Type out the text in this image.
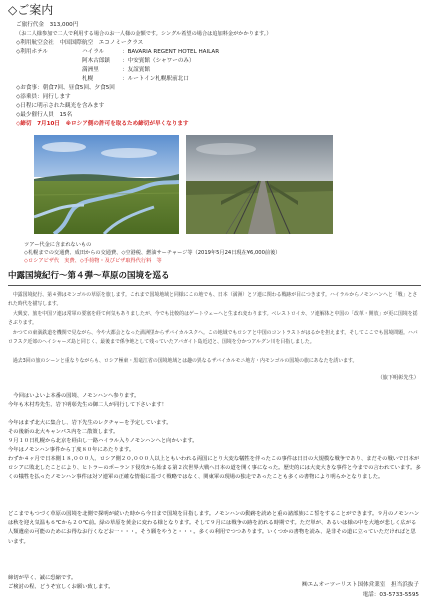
◇ご案内
ご旅行代金　 313,000円
（お二人様参加で二人で利用する場合のお一人様の金額です。シングル希望の場合は追加料金がかかります。）
◇利用航空会社　 中国国際航空　エコノミークラス
◇利用ホテル	ハイラル	：BAVARIA REGENT HOTEL HAILAR
阿木古郎鎮 ：中安賓館（シャワーのみ）
満洲里	：友誼賓館
札幌	：ルートイン札幌駅前北口
◇お食事：朝食7回、昼食5回、夕食5回
◇添乗員：同行します
◇日程に明示された観光を含みます
◇最少催行人員　15名
◇締切　 7月10日　 ※ロシア側の許可を取るため締切が早くなります
ツアー代金に含まれないもの
◇札幌までの交通費、成田からの交通費、◇空港税、燃油サーチャージ等（2019年5月24日現在¥6,000前後）
◇ロシアビザ代　実費、◇手荷物・及びビザ取得代行料　等
中露国境紀行～第４弾～草原の国境を巡る
　中露国境紀行、第４弾はモンゴルの草原を旅します。これまで国境地域と同様にこの地でも、日本（満洲）とソ連に関わる戦跡が目につきます。ハイラルからノモンハンへと「戦」とされた時代を描写します。
　大興安、旅を中国ソ連は常軍の要塞を経て何気もありましたが、今でも比較的はゲートウェーへと生まれ変わります。ベレストロイカ、ソ連解体と中国の「改革・開放」が更に国境を揺さぶります。
　かつての東満鉄道を機関で見ながら、今や大都会となった満洲里からザバイカルスクへ。この地域でもロシアと中国のコントラストがはるかを担えます。そしてここでも国境問題。ハバロフスク近郊のヘイシャーズ島と同じく、最後まで係争地として残っていたアバガイト島近辺と、国境を分かつアルグン川を目指しました。
　過去3回の旅のシーンと重なりながらも、ロシア極東・黒竜江省の国境地域とは趣の異なるザバイカルモニ地方・内モンゴルの国境の旅にあなたを誘います。
（旅下明彰先生）
　今回はいよいよ本番の国境、ノモンハンへ参ります。
今年も木村寿先生、岩下明彰先生の御二人が同行して下さいます！
今年はまず北大に集合し、岩下先生のレクチャーを予定しています。
その後新の北大キャンパス内を二散策します。
９月１０日札幌から北京を経由し一路ハイラル入りノモンハンへと向かいます。
今年はノモンハン事件から丁度８０年にあたります。
わずか４ヶ月で日本側１８,０００人、ロシア側２０,０００人以上ともいわれる両国にとり大変な犠牲を伴ったこの事件は日日の大規模な戦争であり、まだその戦いで日本がロシアに敗北したことにより、ヒトラーのポーランド侵攻から始まる第２次世界大戦へ日本の道を開く事になった。歴史的には大変大きな事件と今までの言われています。多くの犠牲を払ったノモンハン事件は対ソ連軍の正確な情報に基づく戦略ではなく、関東軍の現場の独走であったことも多くの書物により明らかとなりました。
どこまでもつづく草原の国境を北側で探明が続いた時から今日まで国境を目指します。ノモンハンの動跡を読めと重の諸部族にこ誓をすることができます。９月のノモンハンは秋を迎え気温も６℃から２０℃前。緑の草原を黄金に変わる様となります。そして９月には戦争の跡を訪れる時期です。ただ単が、あるいは様の中を大地が悲しく広がる人類遺産の可能のためにお得なお行くなどお一・・・。そう願をやうと・・・。多くの利用でつつあります。いくつかの書物を読み、是非その道に立っていただければと思います。
締切が早く、誠に恐縮です。
ご検討の程、どうぞ宜しくお願い致します。	㈱エムオーツーリスト国体営業室　担当浜抜子
電話：03-5733-5595
